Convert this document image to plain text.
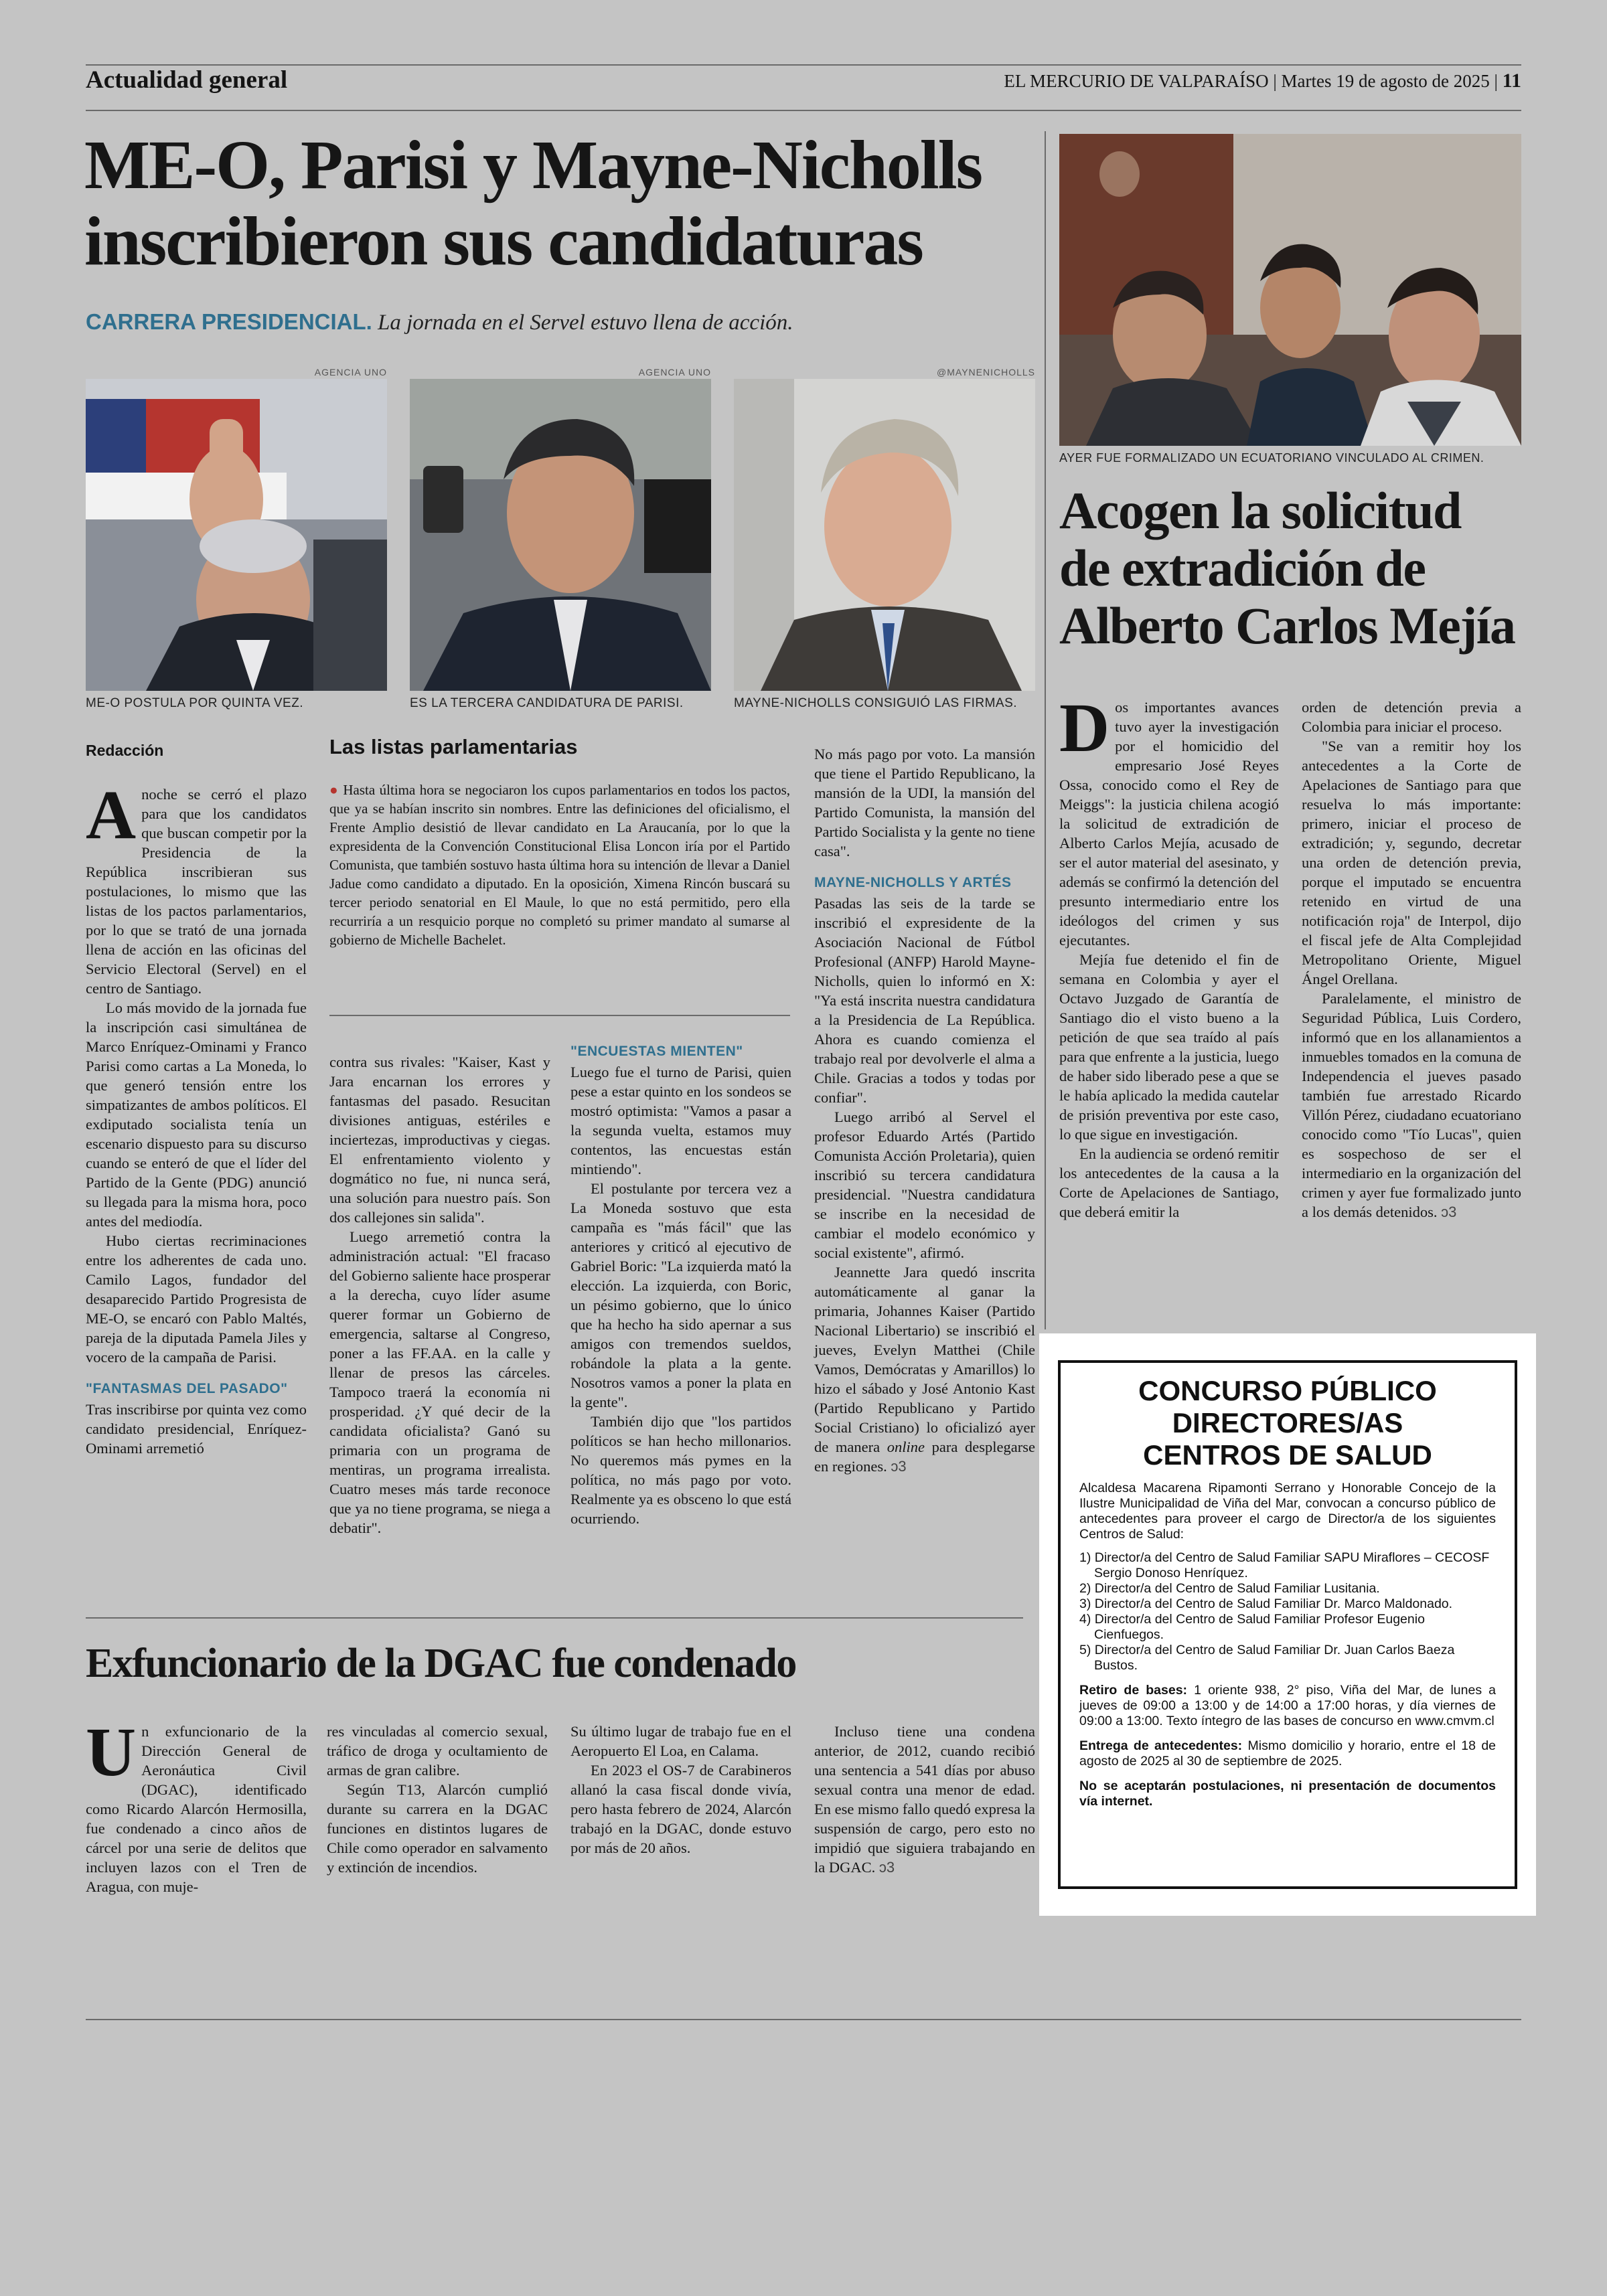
Actualidad general	EL MERCURIO DE VALPARAÍSO | Martes 19 de agosto de 2025 | 11
ME-O, Parisi y Mayne-Nicholls
inscribieron sus candidaturas
CARRERA PRESIDENCIAL. La jornada en el Servel estuvo llena de acción.
AGENCIA UNO
ME-O POSTULA POR QUINTA VEZ.
AGENCIA UNO
ES LA TERCERA CANDIDATURA DE PARISI.
@MAYNENICHOLLS
MAYNE-NICHOLLS CONSIGUIÓ LAS FIRMAS.
Redacción

Anoche se cerró el plazo para que los candidatos que buscan competir por la Presidencia de la República inscribieran sus postulaciones, lo mismo que las listas de los pactos parlamentarios, por lo que se trató de una jornada llena de acción en las oficinas del Servicio Electoral (Servel) en el centro de Santiago.

Lo más movido de la jornada fue la inscripción casi simultánea de Marco Enríquez-Ominami y Franco Parisi como cartas a La Moneda, lo que generó tensión entre los simpatizantes de ambos políticos. El exdiputado socialista tenía un escenario dispuesto para su discurso cuando se enteró de que el líder del Partido de la Gente (PDG) anunció su llegada para la misma hora, poco antes del mediodía.

Hubo ciertas recriminaciones entre los adherentes de cada uno. Camilo Lagos, fundador del desaparecido Partido Progresista de ME-O, se encaró con Pablo Maltés, pareja de la diputada Pamela Jiles y vocero de la campaña de Parisi.

"FANTASMAS DEL PASADO"

Tras inscribirse por quinta vez como candidato presidencial, Enríquez-Ominami arremetió

Las listas parlamentarias

● Hasta última hora se negociaron los cupos parlamentarios en todos los pactos, que ya se habían inscrito sin nombres. Entre las definiciones del oficialismo, el Frente Amplio desistió de llevar candidato en La Araucanía, por lo que la expresidenta de la Convención Constitucional Elisa Loncon iría por el Partido Comunista, que también sostuvo hasta última hora su intención de llevar a Daniel Jadue como candidato a diputado. En la oposición, Ximena Rincón buscará su tercer periodo senatorial en El Maule, lo que no está permitido, pero ella recurriría a un resquicio porque no completó su primer mandato al sumarse al gobierno de Michelle Bachelet.

contra sus rivales: "Kaiser, Kast y Jara encarnan los errores y fantasmas del pasado. Resucitan divisiones antiguas, estériles e inciertezas, improductivas y ciegas. El enfrentamiento violento y dogmático no fue, ni nunca será, una solución para nuestro país. Son dos callejones sin salida".

Luego arremetió contra la administración actual: "El fracaso del Gobierno saliente hace prosperar a la derecha, cuyo líder asume querer formar un Gobierno de emergencia, saltarse al Congreso, poner a las FF.AA. en la calle y llenar de presos las cárceles. Tampoco traerá la economía ni prosperidad. ¿Y qué decir de la candidata oficialista? Ganó su primaria con un programa de mentiras, un programa irrealista. Cuatro meses más tarde reconoce que ya no tiene programa, se niega a debatir".

"ENCUESTAS MIENTEN"

Luego fue el turno de Parisi, quien pese a estar quinto en los sondeos se mostró optimista: "Vamos a pasar a la segunda vuelta, estamos muy contentos, las encuestas están mintiendo".

El postulante por tercera vez a La Moneda sostuvo que esta campaña es "más fácil" que las anteriores y criticó al ejecutivo de Gabriel Boric: "La izquierda mató la elección. La izquierda, con Boric, un pésimo gobierno, que lo único que ha hecho ha sido apernar a sus amigos con tremendos sueldos, robándole la plata a la gente. Nosotros vamos a poner la plata en la gente".

También dijo que "los partidos políticos se han hecho millonarios. No queremos más pymes en la política, no más pago por voto. Realmente ya es obsceno lo que está ocurriendo.

No más pago por voto. La mansión que tiene el Partido Republicano, la mansión de la UDI, la mansión del Partido Comunista, la mansión del Partido Socialista y la gente no tiene casa".

MAYNE-NICHOLLS Y ARTÉS

Pasadas las seis de la tarde se inscribió el expresidente de la Asociación Nacional de Fútbol Profesional (ANFP) Harold Mayne-Nicholls, quien lo informó en X: "Ya está inscrita nuestra candidatura a la Presidencia de La República. Ahora es cuando comienza el trabajo real por devolverle el alma a Chile. Gracias a todos y todas por confiar".

Luego arribó al Servel el profesor Eduardo Artés (Partido Comunista Acción Proletaria), quien inscribió su tercera candidatura presidencial. "Nuestra candidatura se inscribe en la necesidad de cambiar el modelo económico y social existente", afirmó.

Jeannette Jara quedó inscrita automáticamente al ganar la primaria, Johannes Kaiser (Partido Nacional Libertario) se inscribió el jueves, Evelyn Matthei (Chile Vamos, Demócratas y Amarillos) lo hizo el sábado y José Antonio Kast (Partido Republicano y Partido Social Cristiano) lo oficializó ayer de manera online para desplegarse en regiones. ↄ3

AYER FUE FORMALIZADO UN ECUATORIANO VINCULADO AL CRIMEN.
Acogen la solicitud
de extradición de
Alberto Carlos Mejía

Dos importantes avances tuvo ayer la investigación por el homicidio del empresario José Reyes Ossa, conocido como el Rey de Meiggs": la justicia chilena acogió la solicitud de extradición de Alberto Carlos Mejía, acusado de ser el autor material del asesinato, y además se confirmó la detención del presunto intermediario entre los ideólogos del crimen y sus ejecutantes.

Mejía fue detenido el fin de semana en Colombia y ayer el Octavo Juzgado de Garantía de Santiago dio el visto bueno a la petición de que sea traído al país para que enfrente a la justicia, luego de haber sido liberado pese a que se le había aplicado la medida cautelar de prisión preventiva por este caso, lo que sigue en investigación.

En la audiencia se ordenó remitir los antecedentes de la causa a la Corte de Apelaciones de Santiago, que deberá emitir la

orden de detención previa a Colombia para iniciar el proceso.

"Se van a remitir hoy los antecedentes a la Corte de Apelaciones de Santiago para que resuelva lo más importante: primero, iniciar el proceso de extradición; y, segundo, decretar una orden de detención previa, porque el imputado se encuentra retenido en virtud de una notificación roja" de Interpol, dijo el fiscal jefe de Alta Complejidad Metropolitano Oriente, Miguel Ángel Orellana.

Paralelamente, el ministro de Seguridad Pública, Luis Cordero, informó que en los allanamientos a inmuebles tomados en la comuna de Independencia el jueves pasado también fue arrestado Ricardo Villón Pérez, ciudadano ecuatoriano conocido como "Tío Lucas", quien es sospechoso de ser el intermediario en la organización del crimen y ayer fue formalizado junto a los demás detenidos. ↄ3

CONCURSO PÚBLICO
DIRECTORES/AS
CENTROS DE SALUD

Alcaldesa Macarena Ripamonti Serrano y Honorable Concejo de la Ilustre Municipalidad de Viña del Mar, convocan a concurso público de antecedentes para proveer el cargo de Director/a de los siguientes Centros de Salud:

1) Director/a del Centro de Salud Familiar SAPU Miraflores – CECOSF Sergio Donoso Henríquez.
2) Director/a del Centro de Salud Familiar Lusitania.
3) Director/a del Centro de Salud Familiar Dr. Marco Maldonado.
4) Director/a del Centro de Salud Familiar Profesor Eugenio Cienfuegos.
5) Director/a del Centro de Salud Familiar Dr. Juan Carlos Baeza Bustos.

Retiro de bases: 1 oriente 938, 2° piso, Viña del Mar, de lunes a jueves de 09:00 a 13:00 y de 14:00 a 17:00 horas, y día viernes de 09:00 a 13:00. Texto íntegro de las bases de concurso en www.cmvm.cl

Entrega de antecedentes: Mismo domicilio y horario, entre el 18 de agosto de 2025 al 30 de septiembre de 2025.

No se aceptarán postulaciones, ni presentación de documentos vía internet.

Exfuncionario de la DGAC fue condenado

Un exfuncionario de la Dirección General de Aeronáutica Civil (DGAC), identificado como Ricardo Alarcón Hermosilla, fue condenado a cinco años de cárcel por una serie de delitos que incluyen lazos con el Tren de Aragua, con muje-

res vinculadas al comercio sexual, tráfico de droga y ocultamiento de armas de gran calibre.

Según T13, Alarcón cumplió durante su carrera en la DGAC funciones en distintos lugares de Chile como operador en salvamento y extinción de incendios.

Su último lugar de trabajo fue en el Aeropuerto El Loa, en Calama.

En 2023 el OS-7 de Carabineros allanó la casa fiscal donde vivía, pero hasta febrero de 2024, Alarcón trabajó en la DGAC, donde estuvo por más de 20 años.

Incluso tiene una condena anterior, de 2012, cuando recibió una sentencia a 541 días por abuso sexual contra una menor de edad. En ese mismo fallo quedó expresa la suspensión de cargo, pero esto no impidió que siguiera trabajando en la DGAC. ↄ3
